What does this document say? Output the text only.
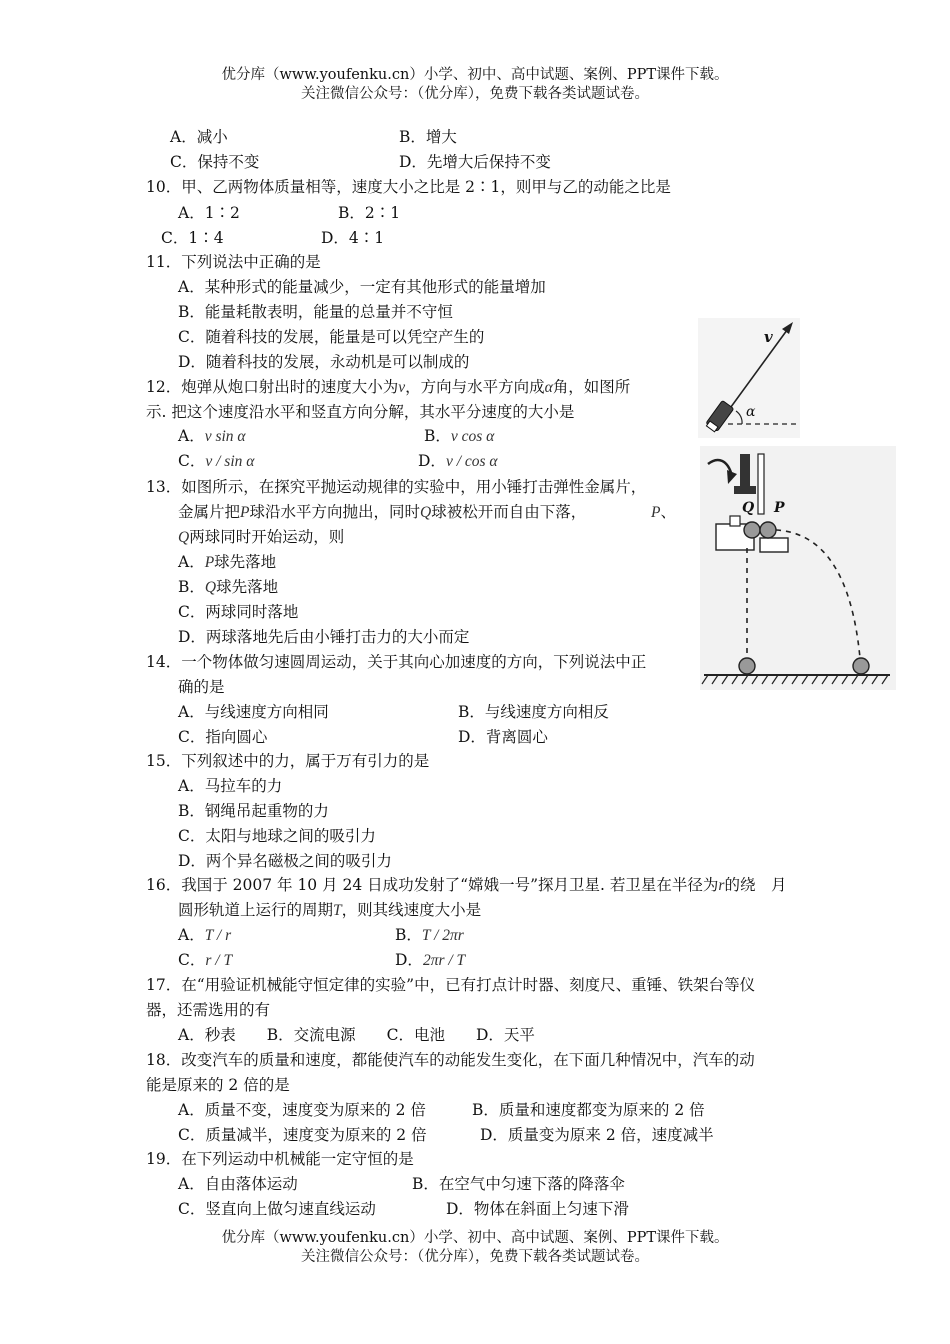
优分库（www.youfenku.cn）小学、初中、高中试题、案例、PPT课件下载。
关注微信公众号：（优分库），免费下载各类试题试卷。
A．减小	B．增大
C．保持不变	D．先增大后保持不变
10．甲、乙两物体质量相等，速度大小之比是 2∶1，则甲与乙的动能之比是
A．1∶2	B．2∶1
C．1∶4	D．4∶1
11．下列说法中正确的是
A．某种形式的能量减少，一定有其他形式的能量增加
B．能量耗散表明，能量的总量并不守恒
C．随着科技的发展，能量是可以凭空产生的
D．随着科技的发展，永动机是可以制成的
12．炮弹从炮口射出时的速度大小为v，方向与水平方向成α角，如图所
示. 把这个速度沿水平和竖直方向分解，其水平分速度的大小是
A．v sin α	B．v cos α
C．v / sin α	D．v / cos α
13．如图所示，在探究平抛运动规律的实验中，用小锤打击弹性金属片，
金属片把P球沿水平方向抛出，同时Q球被松开而自由下落，	P、
Q两球同时开始运动，则
A．P球先落地
B．Q球先落地
C．两球同时落地
D．两球落地先后由小锤打击力的大小而定
14．一个物体做匀速圆周运动，关于其向心加速度的方向，下列说法中正
确的是
A．与线速度方向相同	B．与线速度方向相反
C．指向圆心	D．背离圆心
15．下列叙述中的力，属于万有引力的是
A．马拉车的力
B．钢绳吊起重物的力
C．太阳与地球之间的吸引力
D．两个异名磁极之间的吸引力
16．我国于 2007 年 10 月 24 日成功发射了“嫦娥一号”探月卫星. 若卫星在半径为r的绕　月
圆形轨道上运行的周期T，则其线速度大小是
A．T / r	B．T / 2πr
C．r / T	D．2πr / T
17．在“用验证机械能守恒定律的实验”中，已有打点计时器、刻度尺、重锤、铁架台等仪
器，还需选用的有
A．秒表　　B．交流电源　　C．电池　　D．天平
18．改变汽车的质量和速度，都能使汽车的动能发生变化，在下面几种情况中，汽车的动
能是原来的 2 倍的是
A．质量不变，速度变为原来的 2 倍	B．质量和速度都变为原来的 2 倍
C．质量减半，速度变为原来的 2 倍	D．质量变为原来 2 倍，速度减半
19．在下列运动中机械能一定守恒的是
A．自由落体运动	B．在空气中匀速下落的降落伞
C．竖直向上做匀速直线运动	D．物体在斜面上匀速下滑
v
α
Q P
优分库（www.youfenku.cn）小学、初中、高中试题、案例、PPT课件下载。
关注微信公众号：（优分库），免费下载各类试题试卷。
